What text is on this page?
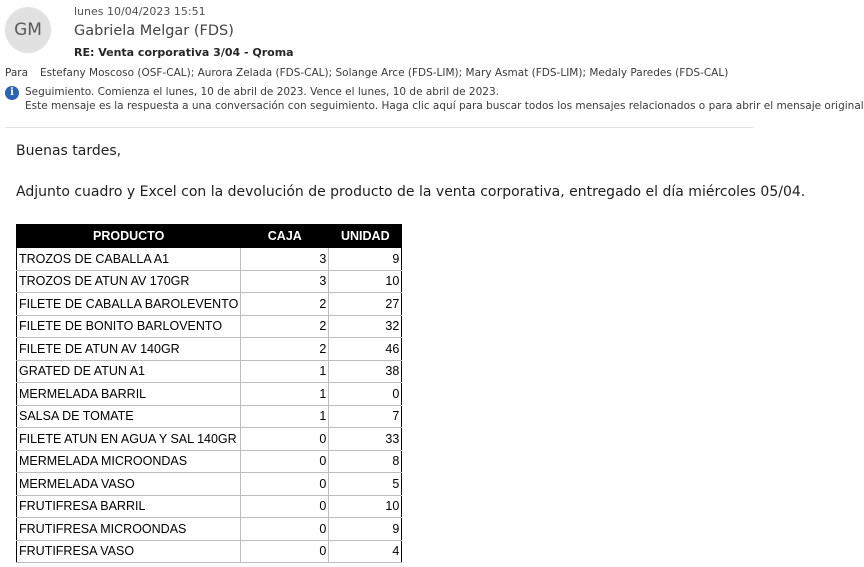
GM
lunes 10/04/2023 15:51
Gabriela Melgar (FDS)
RE: Venta corporativa 3/04 - Qroma
Para Estefany Moscoso (OSF-CAL); Aurora Zelada (FDS-CAL); Solange Arce (FDS-LIM); Mary Asmat (FDS-LIM); Medaly Paredes (FDS-CAL)
i	Seguimiento. Comienza el lunes, 10 de abril de 2023. Vence el lunes, 10 de abril de 2023.
Este mensaje es la respuesta a una conversación con seguimiento. Haga clic aquí para buscar todos los mensajes relacionados o para abrir el mensaje original
Buenas tardes,
Adjunto cuadro y Excel con la devolución de producto de la venta corporativa, entregado el día miércoles 05/04.
PRODUCTO	CAJA	UNIDAD
TROZOS DE CABALLA A1	3	9
TROZOS DE ATUN AV 170GR	3	10
FILETE DE CABALLA BAROLEVENTO	2	27
FILETE DE BONITO BARLOVENTO	2	32
FILETE DE ATUN AV 140GR	2	46
GRATED DE ATUN A1	1	38
MERMELADA BARRIL	1	0
SALSA DE TOMATE	1	7
FILETE ATUN EN AGUA Y SAL 140GR	0	33
MERMELADA MICROONDAS	0	8
MERMELADA VASO	0	5
FRUTIFRESA BARRIL	0	10
FRUTIFRESA MICROONDAS	0	9
FRUTIFRESA VASO	0	4
